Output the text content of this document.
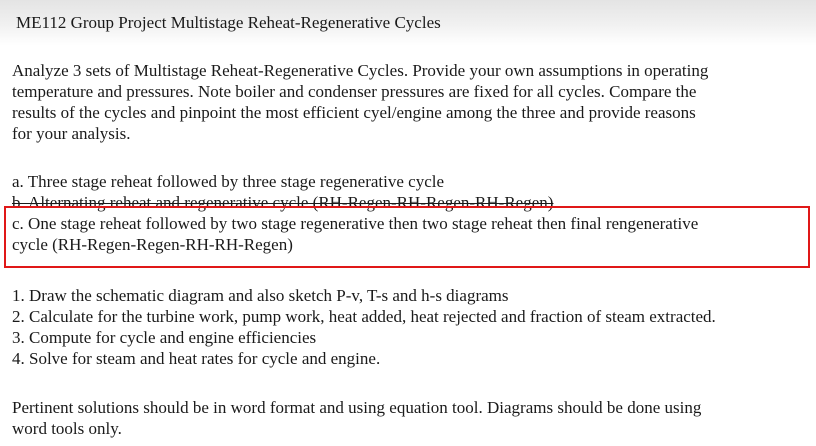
ME112 Group Project Multistage Reheat-Regenerative Cycles
Analyze 3 sets of Multistage Reheat-Regenerative Cycles. Provide your own assumptions in operating
temperature and pressures. Note boiler and condenser pressures are fixed for all cycles. Compare the
results of the cycles and pinpoint the most efficient cyel/engine among the three and provide reasons
for your analysis.
a. Three stage reheat followed by three stage regenerative cycle
b. Alternating reheat and regenerative cycle (RH-Regen-RH-Regen-RH-Regen)
c. One stage reheat followed by two stage regenerative then two stage reheat then final rengenerative
cycle (RH-Regen-Regen-RH-RH-Regen)
1. Draw the schematic diagram and also sketch P-v, T-s and h-s diagrams
2. Calculate for the turbine work, pump work, heat added, heat rejected and fraction of steam extracted.
3. Compute for cycle and engine efficiencies
4. Solve for steam and heat rates for cycle and engine.
Pertinent solutions should be in word format and using equation tool. Diagrams should be done using
word tools only.
